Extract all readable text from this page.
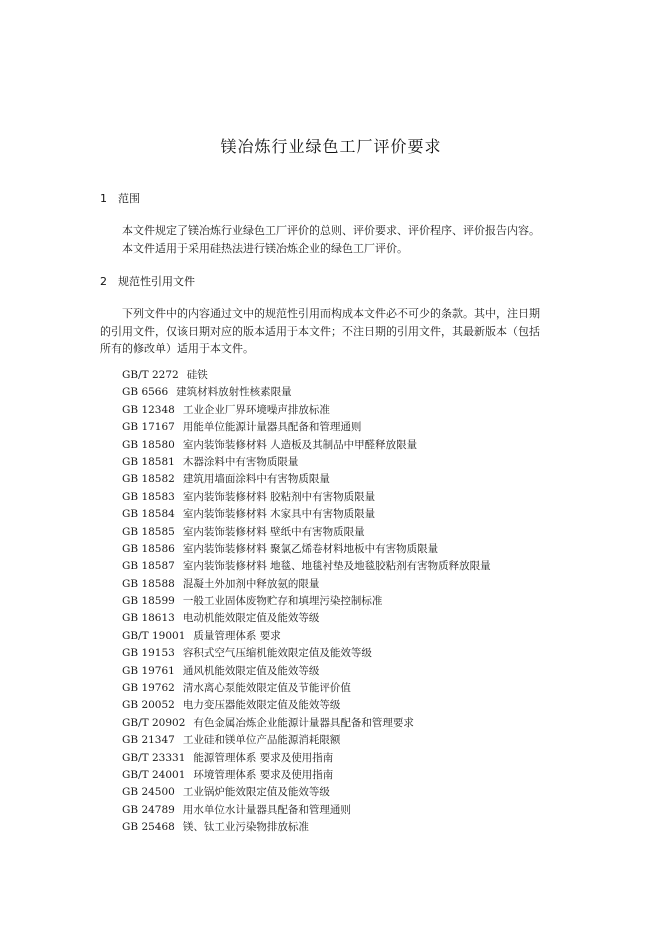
镁冶炼行业绿色工厂评价要求
1 范围
本文件规定了镁冶炼行业绿色工厂评价的总则、评价要求、评价程序、评价报告内容。
本文件适用于采用硅热法进行镁冶炼企业的绿色工厂评价。
2 规范性引用文件
下列文件中的内容通过文中的规范性引用而构成本文件必不可少的条款。其中，注日期
的引用文件，仅该日期对应的版本适用于本文件；不注日期的引用文件，其最新版本（包括
所有的修改单）适用于本文件。
GB/T 2272 硅铁
GB 6566 建筑材料放射性核素限量
GB 12348 工业企业厂界环境噪声排放标准
GB 17167 用能单位能源计量器具配备和管理通则
GB 18580 室内装饰装修材料 人造板及其制品中甲醛释放限量
GB 18581 木器涂料中有害物质限量
GB 18582 建筑用墙面涂料中有害物质限量
GB 18583 室内装饰装修材料 胶粘剂中有害物质限量
GB 18584 室内装饰装修材料 木家具中有害物质限量
GB 18585 室内装饰装修材料 壁纸中有害物质限量
GB 18586 室内装饰装修材料 聚氯乙烯卷材料地板中有害物质限量
GB 18587 室内装饰装修材料 地毯、地毯衬垫及地毯胶粘剂有害物质释放限量
GB 18588 混凝土外加剂中释放氨的限量
GB 18599 一般工业固体废物贮存和填埋污染控制标准
GB 18613 电动机能效限定值及能效等级
GB/T 19001 质量管理体系 要求
GB 19153 容积式空气压缩机能效限定值及能效等级
GB 19761 通风机能效限定值及能效等级
GB 19762 清水离心泵能效限定值及节能评价值
GB 20052 电力变压器能效限定值及能效等级
GB/T 20902 有色金属冶炼企业能源计量器具配备和管理要求
GB 21347 工业硅和镁单位产品能源消耗限额
GB/T 23331 能源管理体系 要求及使用指南
GB/T 24001 环境管理体系 要求及使用指南
GB 24500 工业锅炉能效限定值及能效等级
GB 24789 用水单位水计量器具配备和管理通则
GB 25468 镁、钛工业污染物排放标准
